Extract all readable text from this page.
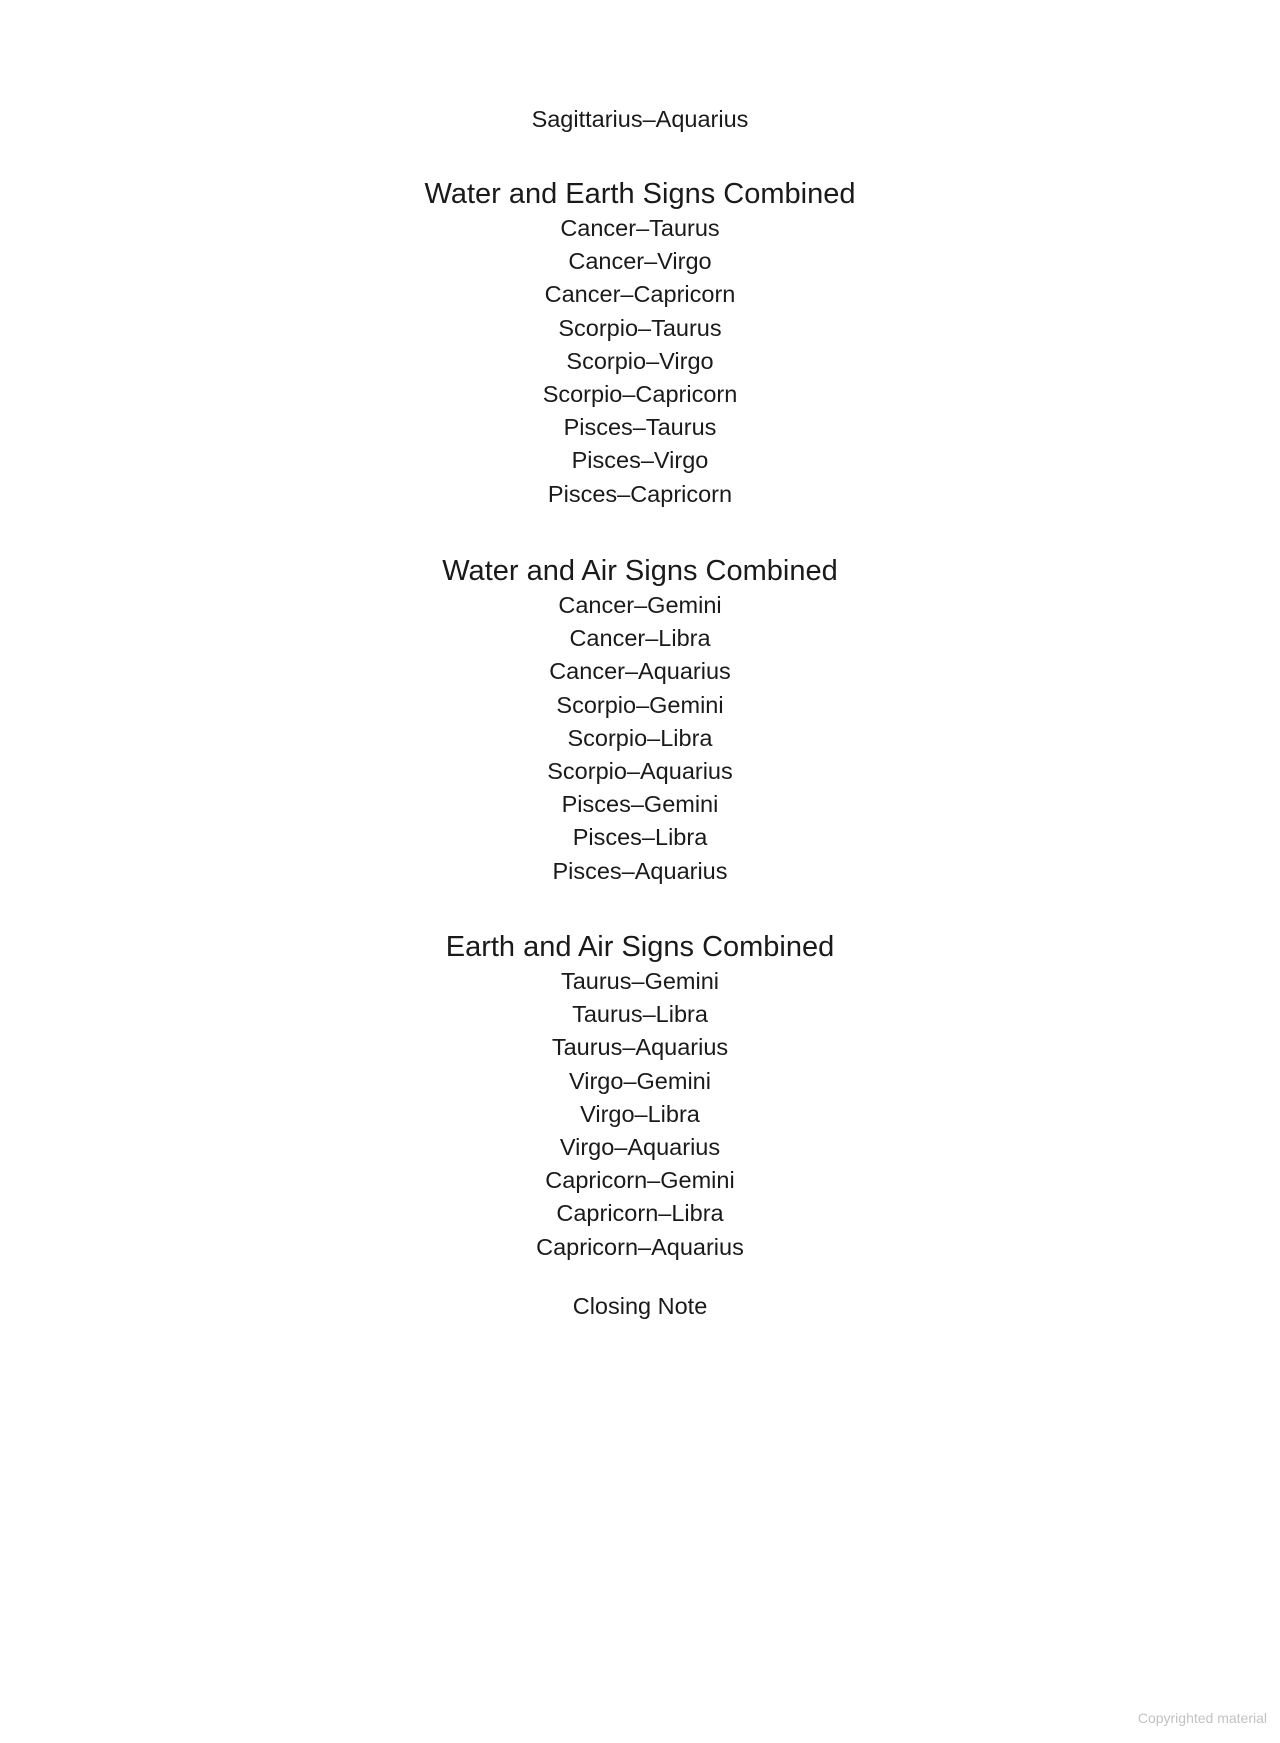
Sagittarius–Aquarius
Water and Earth Signs Combined
Cancer–Taurus
Cancer–Virgo
Cancer–Capricorn
Scorpio–Taurus
Scorpio–Virgo
Scorpio–Capricorn
Pisces–Taurus
Pisces–Virgo
Pisces–Capricorn
Water and Air Signs Combined
Cancer–Gemini
Cancer–Libra
Cancer–Aquarius
Scorpio–Gemini
Scorpio–Libra
Scorpio–Aquarius
Pisces–Gemini
Pisces–Libra
Pisces–Aquarius
Earth and Air Signs Combined
Taurus–Gemini
Taurus–Libra
Taurus–Aquarius
Virgo–Gemini
Virgo–Libra
Virgo–Aquarius
Capricorn–Gemini
Capricorn–Libra
Capricorn–Aquarius
Closing Note
Copyrighted material
